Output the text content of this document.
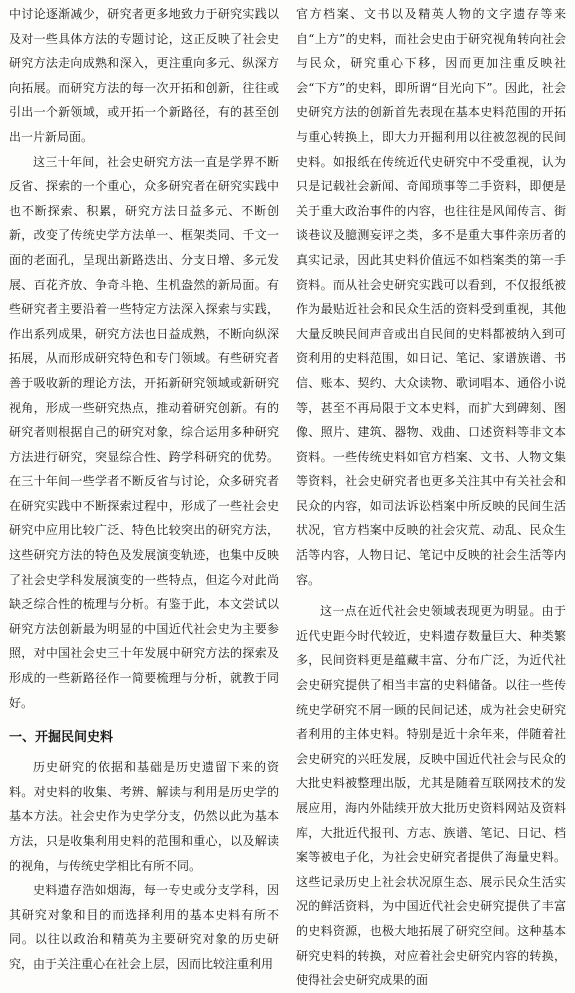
中讨论逐渐减少，研究者更多地致力于研究实践以及对一些具体方法的专题讨论，这正反映了社会史研究方法走向成熟和深入，更注重向多元、纵深方向拓展。而研究方法的每一次开拓和创新，往往或引出一个新领域，或开拓一个新路径，有的甚至创出一片新局面。

这三十年间，社会史研究方法一直是学界不断反省、探索的一个重心，众多研究者在研究实践中也不断探索、积累，研究方法日益多元、不断创新，改变了传统史学方法单一、框架类同、千文一面的老面孔，呈现出新路迭出、分支日增、多元发展、百花齐放、争奇斗艳、生机盎然的新局面。有些研究者主要沿着一些特定方法深入探索与实践，作出系列成果，研究方法也日益成熟，不断向纵深拓展，从而形成研究特色和专门领域。有些研究者善于吸收新的理论方法，开拓新研究领域或新研究视角，形成一些研究热点，推动着研究创新。有的研究者则根据自己的研究对象，综合运用多种研究方法进行研究，突显综合性、跨学科研究的优势。在三十年间一些学者不断反省与讨论，众多研究者在研究实践中不断探索过程中，形成了一些社会史研究中应用比较广泛、特色比较突出的研究方法，这些研究方法的特色及发展演变轨迹，也集中反映了社会史学科发展演变的一些特点，但迄今对此尚缺乏综合性的梳理与分析。有鉴于此，本文尝试以研究方法创新最为明显的中国近代社会史为主要参照，对中国社会史三十年发展中研究方法的探索及形成的一些新路径作一简要梳理与分析，就教于同好。

一、开掘民间史料

历史研究的依据和基础是历史遗留下来的资料。对史料的收集、考辨、解读与利用是历史学的基本方法。社会史作为史学分支，仍然以此为基本方法，只是收集利用史料的范围和重心，以及解读的视角，与传统史学相比有所不同。

史料遗存浩如烟海，每一专史或分支学科，因其研究对象和目的而选择利用的基本史料有所不同。以往以政治和精英为主要研究对象的历史研究，由于关注重心在社会上层，因而比较注重利用

官方档案、文书以及精英人物的文字遗存等来自“上方”的史料，而社会史由于研究视角转向社会与民众，研究重心下移，因而更加注重反映社会“下方”的史料，即所谓“目光向下”。因此，社会史研究方法的创新首先表现在基本史料范围的开拓与重心转换上，即大力开掘利用以往被忽视的民间史料。如报纸在传统近代史研究中不受重视，认为只是记载社会新闻、奇闻琐事等二手资料，即便是关于重大政治事件的内容，也往往是风闻传言、街谈巷议及臆测妄评之类，多不是重大事件亲历者的真实记录，因此其史料价值远不如档案类的第一手资料。而从社会史研究实践可以看到，不仅报纸被作为最贴近社会和民众生活的资料受到重视，其他大量反映民间声音或出自民间的史料都被纳入到可资利用的史料范围，如日记、笔记、家谱族谱、书信、账本、契约、大众读物、歌词唱本、通俗小说等，甚至不再局限于文本史料，而扩大到碑刻、图像、照片、建筑、器物、戏曲、口述资料等非文本资料。一些传统史料如官方档案、文书、人物文集等资料，社会史研究者也更多关注其中有关社会和民众的内容，如司法诉讼档案中所反映的民间生活状况，官方档案中反映的社会灾荒、动乱、民众生活等内容，人物日记、笔记中反映的社会生活等内容。

这一点在近代社会史领域表现更为明显。由于近代史距今时代较近，史料遗存数量巨大、种类繁多，民间资料更是蕴藏丰富、分布广泛，为近代社会史研究提供了相当丰富的史料储备。以往一些传统史学研究不屑一顾的民间记述，成为社会史研究者利用的主体史料。特别是近十余年来，伴随着社会史研究的兴旺发展，反映中国近代社会与民众的大批史料被整理出版，尤其是随着互联网技术的发展应用，海内外陆续开放大批历史资料网站及资料库，大批近代报刊、方志、族谱、笔记、日记、档案等被电子化，为社会史研究者提供了海量史料。这些记录历史上社会状况原生态、展示民众生活实况的鲜活资料，为中国近代社会史研究提供了丰富的史料资源，也极大地拓展了研究空间。这种基本研究史料的转换，对应着社会史研究内容的转换，使得社会史研究成果的面
